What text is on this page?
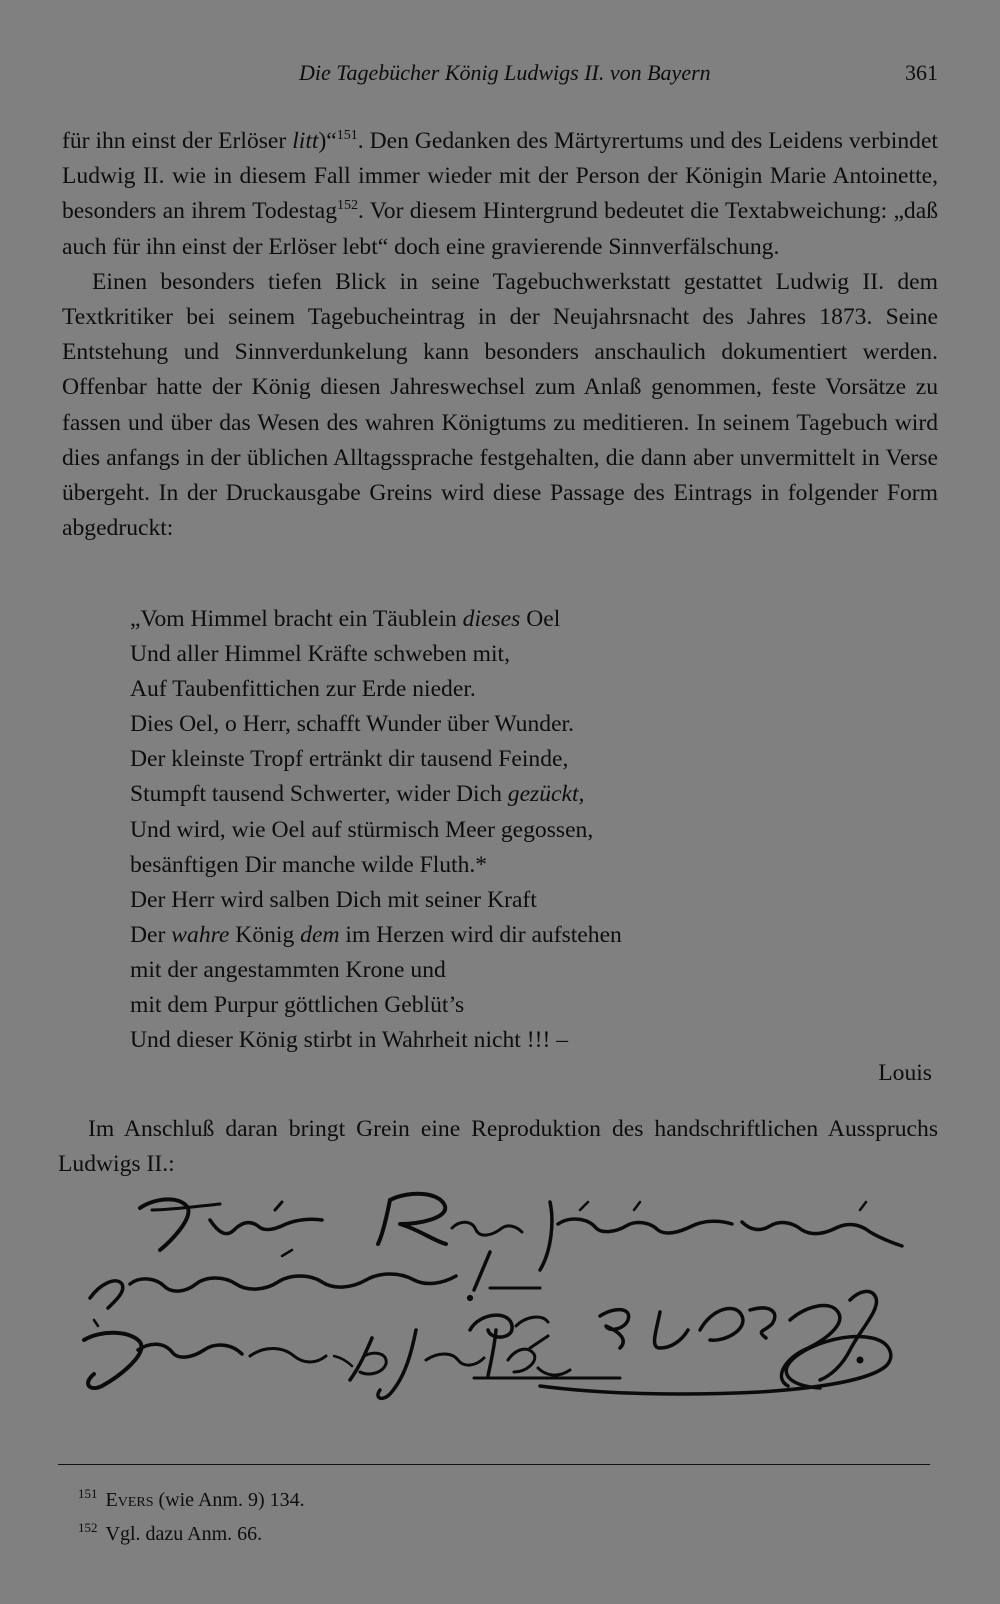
Die Tagebücher König Ludwigs II. von Bayern	361

für ihn einst der Erlöser litt)“$^{151}$. Den Gedanken des Märtyrertums und des Leidens verbindet Ludwig II. wie in diesem Fall immer wieder mit der Person der Königin Marie Antoinette, besonders an ihrem Todestag$^{152}$. Vor diesem Hintergrund bedeutet die Textabweichung: „daß auch für ihn einst der Erlöser lebt“ doch eine gravierende Sinnverfälschung.

Einen besonders tiefen Blick in seine Tagebuchwerkstatt gestattet Ludwig II. dem Textkritiker bei seinem Tagebucheintrag in der Neujahrsnacht des Jahres 1873. Seine Entstehung und Sinnverdunkelung kann besonders anschaulich dokumentiert werden. Offenbar hatte der König diesen Jahreswechsel zum Anlaß genommen, feste Vorsätze zu fassen und über das Wesen des wahren Königtums zu meditieren. In seinem Tagebuch wird dies anfangs in der üblichen Alltagssprache festgehalten, die dann aber unvermittelt in Verse übergeht. In der Druckausgabe Greins wird diese Passage des Eintrags in folgender Form abgedruckt:

„Vom Himmel bracht ein Täublein dieses Oel
Und aller Himmel Kräfte schweben mit,
Auf Taubenfittichen zur Erde nieder.
Dies Oel, o Herr, schafft Wunder über Wunder.
Der kleinste Tropf ertränkt dir tausend Feinde,
Stumpft tausend Schwerter, wider Dich gezückt,
Und wird, wie Oel auf stürmisch Meer gegossen,
besänftigen Dir manche wilde Fluth.*
Der Herr wird salben Dich mit seiner Kraft
Der wahre König dem im Herzen wird dir aufstehen
mit der angestammten Krone und
mit dem Purpur göttlichen Geblüt’s
Und dieser König stirbt in Wahrheit nicht !!! –
Louis

Im Anschluß daran bringt Grein eine Reproduktion des handschriftlichen Ausspruchs Ludwigs II.:

$^{151}$ Evers (wie Anm. 9) 134.
$^{152}$ Vgl. dazu Anm. 66.
